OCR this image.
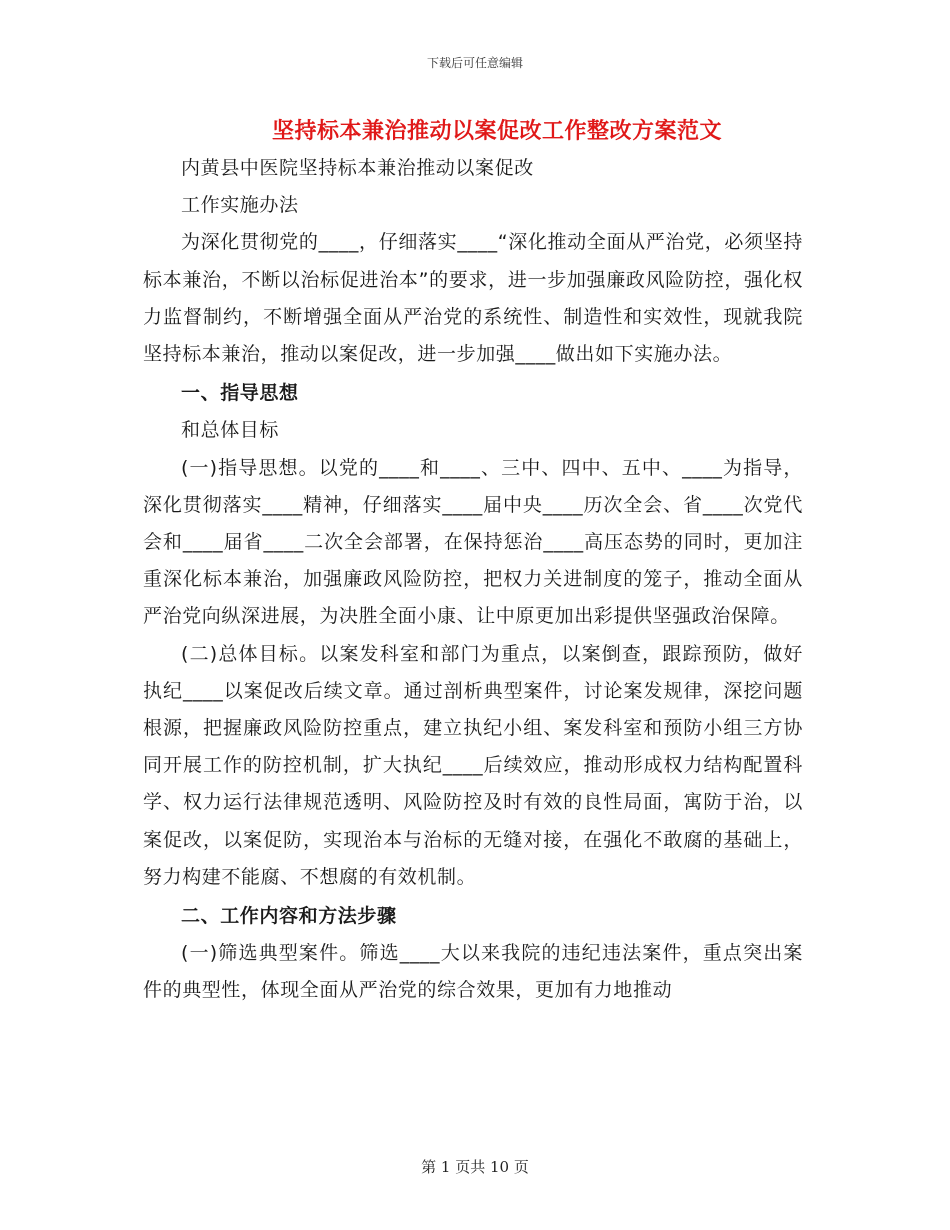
下载后可任意编辑
坚持标本兼治推动以案促改工作整改方案范文

内黄县中医院坚持标本兼治推动以案促改

工作实施办法

为深化贯彻党的____，仔细落实____“深化推动全面从严治党，必须坚持标本兼治，不断以治标促进治本”的要求，进一步加强廉政风险防控，强化权力监督制约，不断增强全面从严治党的系统性、制造性和实效性，现就我院坚持标本兼治，推动以案促改，进一步加强____做出如下实施办法。

一、指导思想

和总体目标

(一)指导思想。以党的____和____、三中、四中、五中、____为指导，深化贯彻落实____精神，仔细落实____届中央____历次全会、省____次党代会和____届省____二次全会部署，在保持惩治____高压态势的同时，更加注重深化标本兼治，加强廉政风险防控，把权力关进制度的笼子，推动全面从严治党向纵深进展，为决胜全面小康、让中原更加出彩提供坚强政治保障。

(二)总体目标。以案发科室和部门为重点，以案倒查，跟踪预防，做好执纪____以案促改后续文章。通过剖析典型案件，讨论案发规律，深挖问题根源，把握廉政风险防控重点，建立执纪小组、案发科室和预防小组三方协同开展工作的防控机制，扩大执纪____后续效应，推动形成权力结构配置科学、权力运行法律规范透明、风险防控及时有效的良性局面，寓防于治，以案促改，以案促防，实现治本与治标的无缝对接，在强化不敢腐的基础上，努力构建不能腐、不想腐的有效机制。

二、工作内容和方法步骤

(一)筛选典型案件。筛选____大以来我院的违纪违法案件，重点突出案件的典型性，体现全面从严治党的综合效果，更加有力地推动

第 1 页共 10 页
